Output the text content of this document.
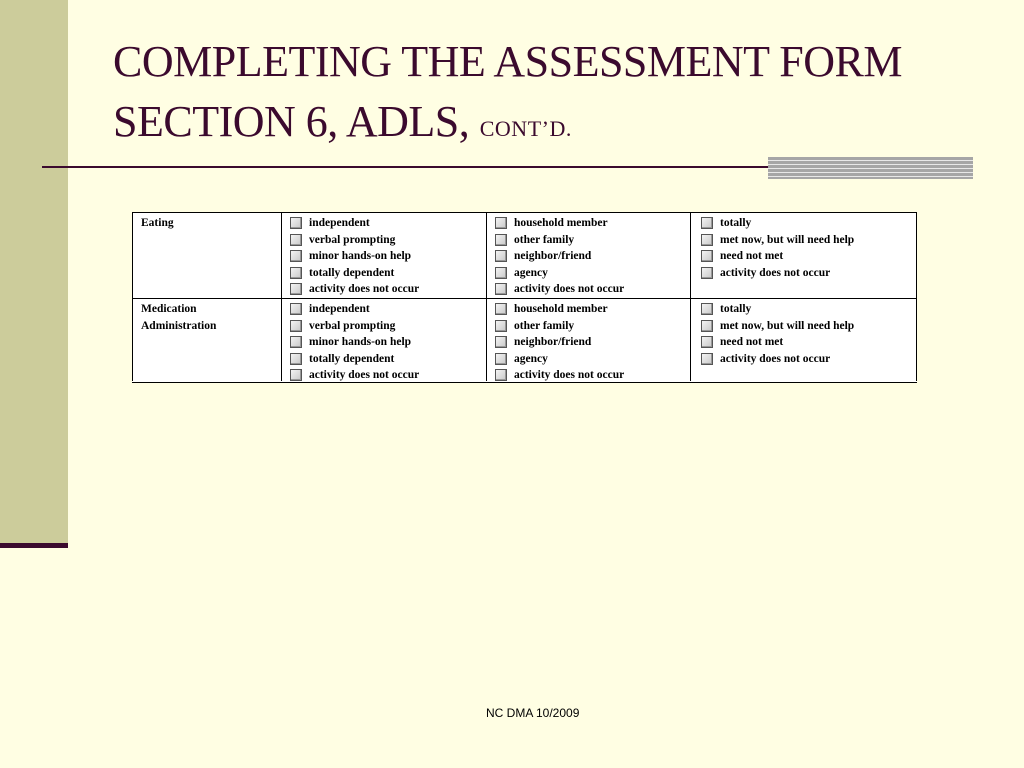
COMPLETING THE ASSESSMENT FORM
SECTION 6, ADLS, CONT’D.
Eating	independent
verbal prompting
minor hands-on help
totally dependent
activity does not occur
household member
other family
neighbor/friend
agency
activity does not occur
totally
met now, but will need help
need not met
activity does not occur
Medication
Administration
independent
verbal prompting
minor hands-on help
totally dependent
activity does not occur
household member
other family
neighbor/friend
agency
activity does not occur
totally
met now, but will need help
need not met
activity does not occur
NC DMA 10/2009
